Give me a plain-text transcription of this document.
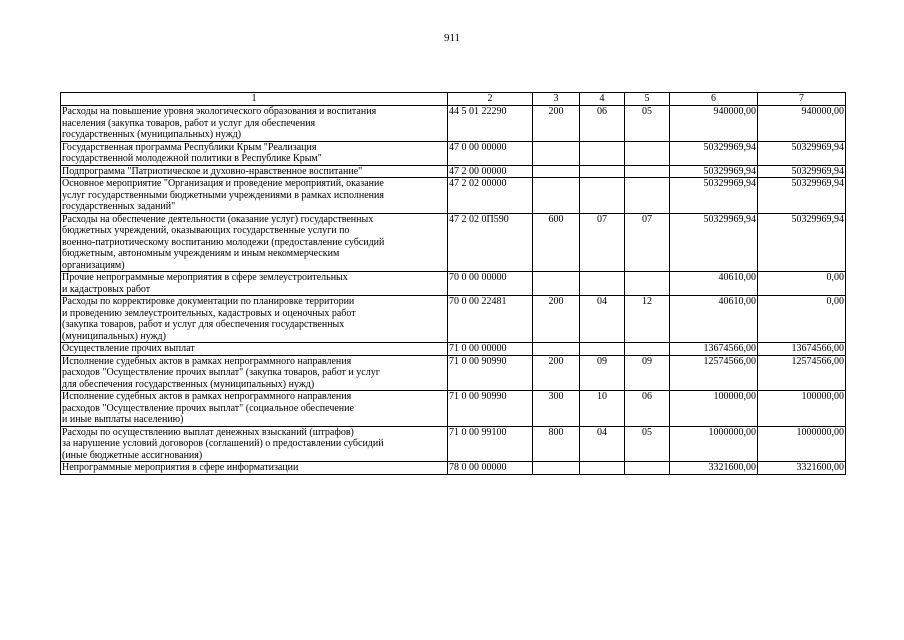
911
1	2	3	4	5	6	7
Расходы на повышение уровня экологического образования и воспитания
населения (закупка товаров, работ и услуг для обеспечения
государственных (муниципальных) нужд)	44 5 01 22290	200	06	05	940000,00	940000,00
Государственная программа Республики Крым "Реализация
государственной молодежной политики в Республике Крым"	47 0 00 00000				50329969,94	50329969,94
Подпрограмма "Патриотическое и духовно-нравственное воспитание"	47 2 00 00000				50329969,94	50329969,94
Основное мероприятие "Организация и проведение мероприятий, оказание
услуг государственными бюджетными учреждениями в рамках исполнения
государственных заданий"	47 2 02 00000				50329969,94	50329969,94
Расходы на обеспечение деятельности (оказание услуг) государственных
бюджетных учреждений, оказывающих государственные услуги по
военно-патриотическому воспитанию молодежи (предоставление субсидий
бюджетным, автономным учреждениям и иным некоммерческим
организациям)	47 2 02 0П590	600	07	07	50329969,94	50329969,94
Прочие непрограммные мероприятия в сфере землеустроительных
и кадастровых работ	70 0 00 00000				40610,00	0,00
Расходы по корректировке документации по планировке территории
и проведению землеустроительных, кадастровых и оценочных работ
(закупка товаров, работ и услуг для обеспечения государственных
(муниципальных) нужд)	70 0 00 22481	200	04	12	40610,00	0,00
Осуществление прочих выплат	71 0 00 00000				13674566,00	13674566,00
Исполнение судебных актов в рамках непрограммного направления
расходов "Осуществление прочих выплат" (закупка товаров, работ и услуг
для обеспечения государственных (муниципальных) нужд)	71 0 00 90990	200	09	09	12574566,00	12574566,00
Исполнение судебных актов в рамках непрограммного направления
расходов "Осуществление прочих выплат" (социальное обеспечение
и иные выплаты населению)	71 0 00 90990	300	10	06	100000,00	100000,00
Расходы по осуществлению выплат денежных взысканий (штрафов)
за нарушение условий договоров (соглашений) о предоставлении субсидий
(иные бюджетные ассигнования)	71 0 00 99100	800	04	05	1000000,00	1000000,00
Непрограммные мероприятия в сфере информатизации	78 0 00 00000				3321600,00	3321600,00
